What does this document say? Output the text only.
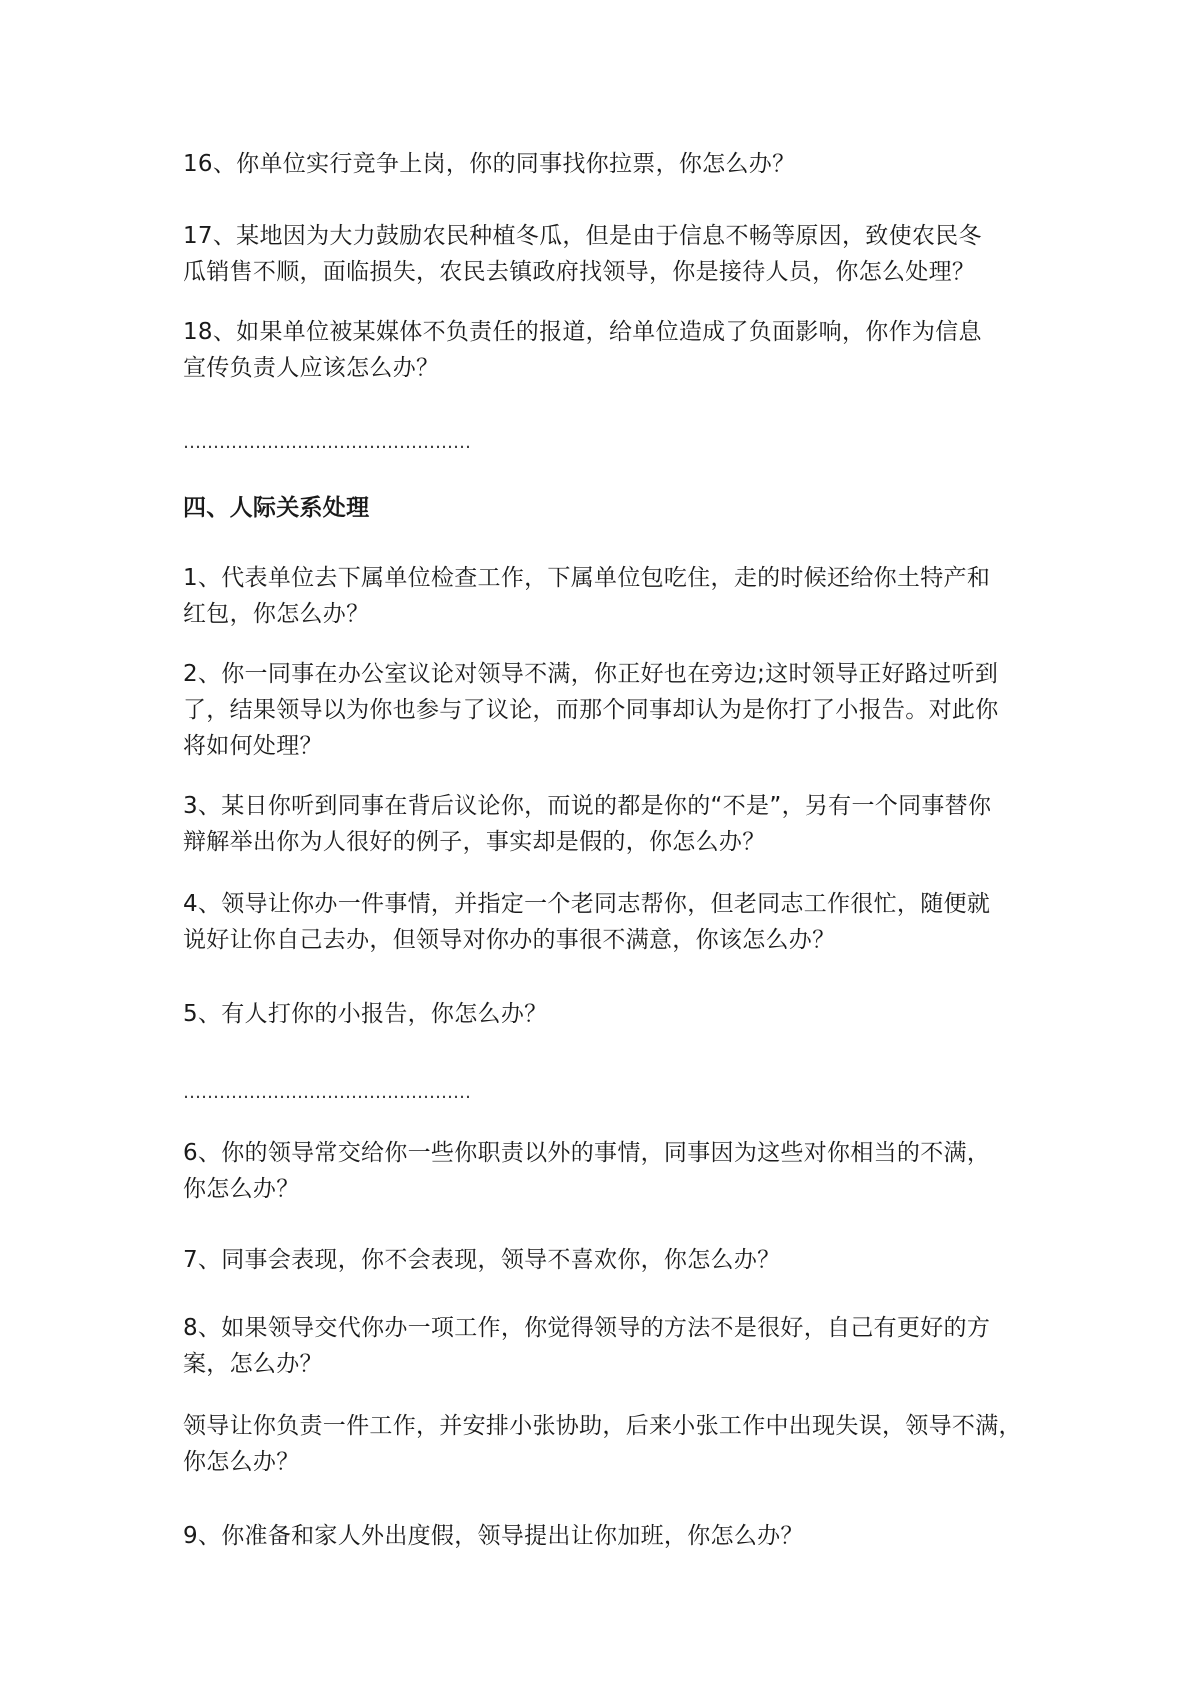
16、你单位实行竞争上岗，你的同事找你拉票，你怎么办？

17、某地因为大力鼓励农民种植冬瓜，但是由于信息不畅等原因，致使农民冬
瓜销售不顺，面临损失，农民去镇政府找领导，你是接待人员，你怎么处理？

18、如果单位被某媒体不负责任的报道，给单位造成了负面影响，你作为信息
宣传负责人应该怎么办？

…………………………………………

四、人际关系处理

1、代表单位去下属单位检查工作，下属单位包吃住，走的时候还给你土特产和
红包，你怎么办？

2、你一同事在办公室议论对领导不满，你正好也在旁边;这时领导正好路过听到
了，结果领导以为你也参与了议论，而那个同事却认为是你打了小报告。对此你
将如何处理？

3、某日你听到同事在背后议论你，而说的都是你的“不是”，另有一个同事替你
辩解举出你为人很好的例子，事实却是假的，你怎么办？

4、领导让你办一件事情，并指定一个老同志帮你，但老同志工作很忙，随便就
说好让你自己去办，但领导对你办的事很不满意，你该怎么办？

5、有人打你的小报告，你怎么办？

…………………………………………

6、你的领导常交给你一些你职责以外的事情，同事因为这些对你相当的不满，
你怎么办？

7、同事会表现，你不会表现，领导不喜欢你，你怎么办？

8、如果领导交代你办一项工作，你觉得领导的方法不是很好，自己有更好的方
案，怎么办？

领导让你负责一件工作，并安排小张协助，后来小张工作中出现失误，领导不满，
你怎么办？

9、你准备和家人外出度假，领导提出让你加班，你怎么办？
